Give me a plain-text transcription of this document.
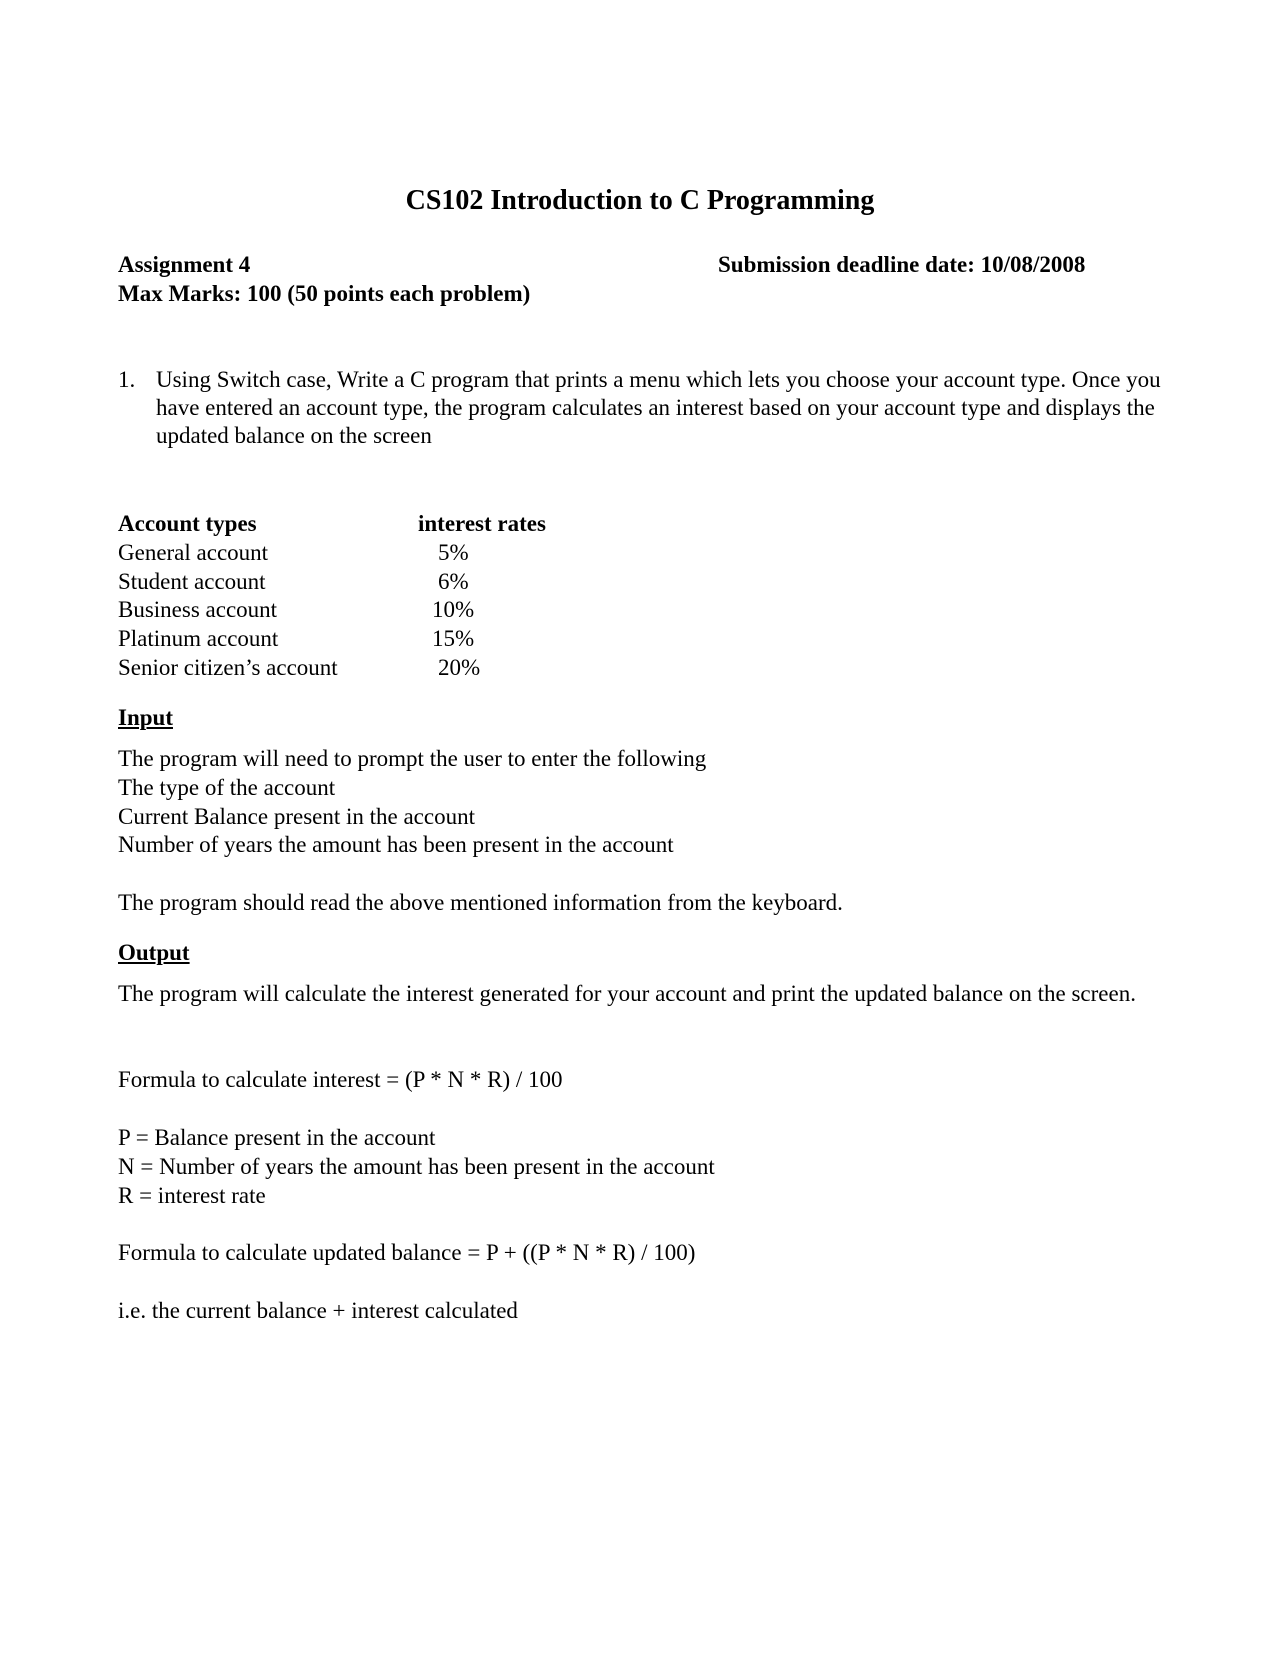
CS102 Introduction to C Programming
Assignment 4	Submission deadline date: 10/08/2008
Max Marks: 100 (50 points each problem)
1. Using Switch case, Write a C program that prints a menu which lets you choose your account type. Once you have entered an account type, the program calculates an interest based on your account type and displays the updated balance on the screen
Account types	interest rates
General account	5%
Student account	6%
Business account	10%
Platinum account	15%
Senior citizen’s account	20%
Input
The program will need to prompt the user to enter the following
The type of the account
Current Balance present in the account
Number of years the amount has been present in the account
The program should read the above mentioned information from the keyboard.
Output
The program will calculate the interest generated for your account and print the updated balance on the screen.
Formula to calculate interest = (P * N * R) / 100
P = Balance present in the account
N = Number of years the amount has been present in the account
R = interest rate
Formula to calculate updated balance = P + ((P * N * R) / 100)
i.e. the current balance + interest calculated
